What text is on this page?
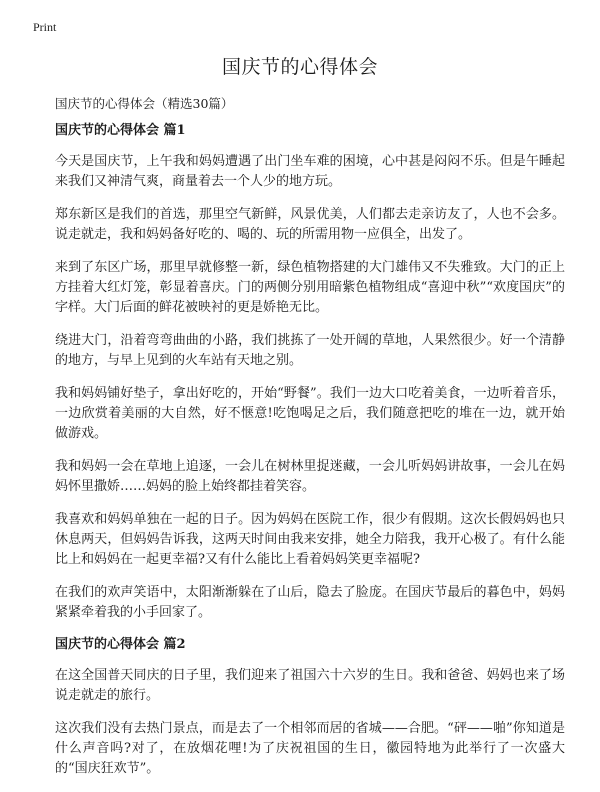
Print
国庆节的心得体会
国庆节的心得体会（精选30篇）
国庆节的心得体会 篇1

今天是国庆节，上午我和妈妈遭遇了出门坐车难的困境，心中甚是闷闷不乐。但是午睡起来我们又神清气爽，商量着去一个人少的地方玩。

郑东新区是我们的首选，那里空气新鲜，风景优美，人们都去走亲访友了，人也不会多。说走就走，我和妈妈备好吃的、喝的、玩的所需用物一应俱全，出发了。

来到了东区广场，那里早就修整一新，绿色植物搭建的大门雄伟又不失雅致。大门的正上方挂着大红灯笼，彰显着喜庆。门的两侧分别用暗紫色植物组成“喜迎中秋”“欢度国庆”的字样。大门后面的鲜花被映衬的更是娇艳无比。

绕进大门，沿着弯弯曲曲的小路，我们挑拣了一处开阔的草地，人果然很少。好一个清静的地方，与早上见到的火车站有天地之别。

我和妈妈铺好垫子，拿出好吃的，开始“野餐”。我们一边大口吃着美食，一边听着音乐，一边欣赏着美丽的大自然，好不惬意!吃饱喝足之后，我们随意把吃的堆在一边，就开始做游戏。

我和妈妈一会在草地上追逐，一会儿在树林里捉迷藏，一会儿听妈妈讲故事，一会儿在妈妈怀里撒娇……妈妈的脸上始终都挂着笑容。

我喜欢和妈妈单独在一起的日子。因为妈妈在医院工作，很少有假期。这次长假妈妈也只休息两天，但妈妈告诉我，这两天时间由我来安排，她全力陪我，我开心极了。有什么能比上和妈妈在一起更幸福?又有什么能比上看着妈妈笑更幸福呢?

在我们的欢声笑语中，太阳渐渐躲在了山后，隐去了脸庞。在国庆节最后的暮色中，妈妈紧紧牵着我的小手回家了。

国庆节的心得体会 篇2

在这全国普天同庆的日子里，我们迎来了祖国六十六岁的生日。我和爸爸、妈妈也来了场说走就走的旅行。

这次我们没有去热门景点，而是去了一个相邻而居的省城——合肥。“砰——啪”你知道是什么声音吗?对了，在放烟花哩!为了庆祝祖国的生日，徽园特地为此举行了一次盛大的“国庆狂欢节”。
